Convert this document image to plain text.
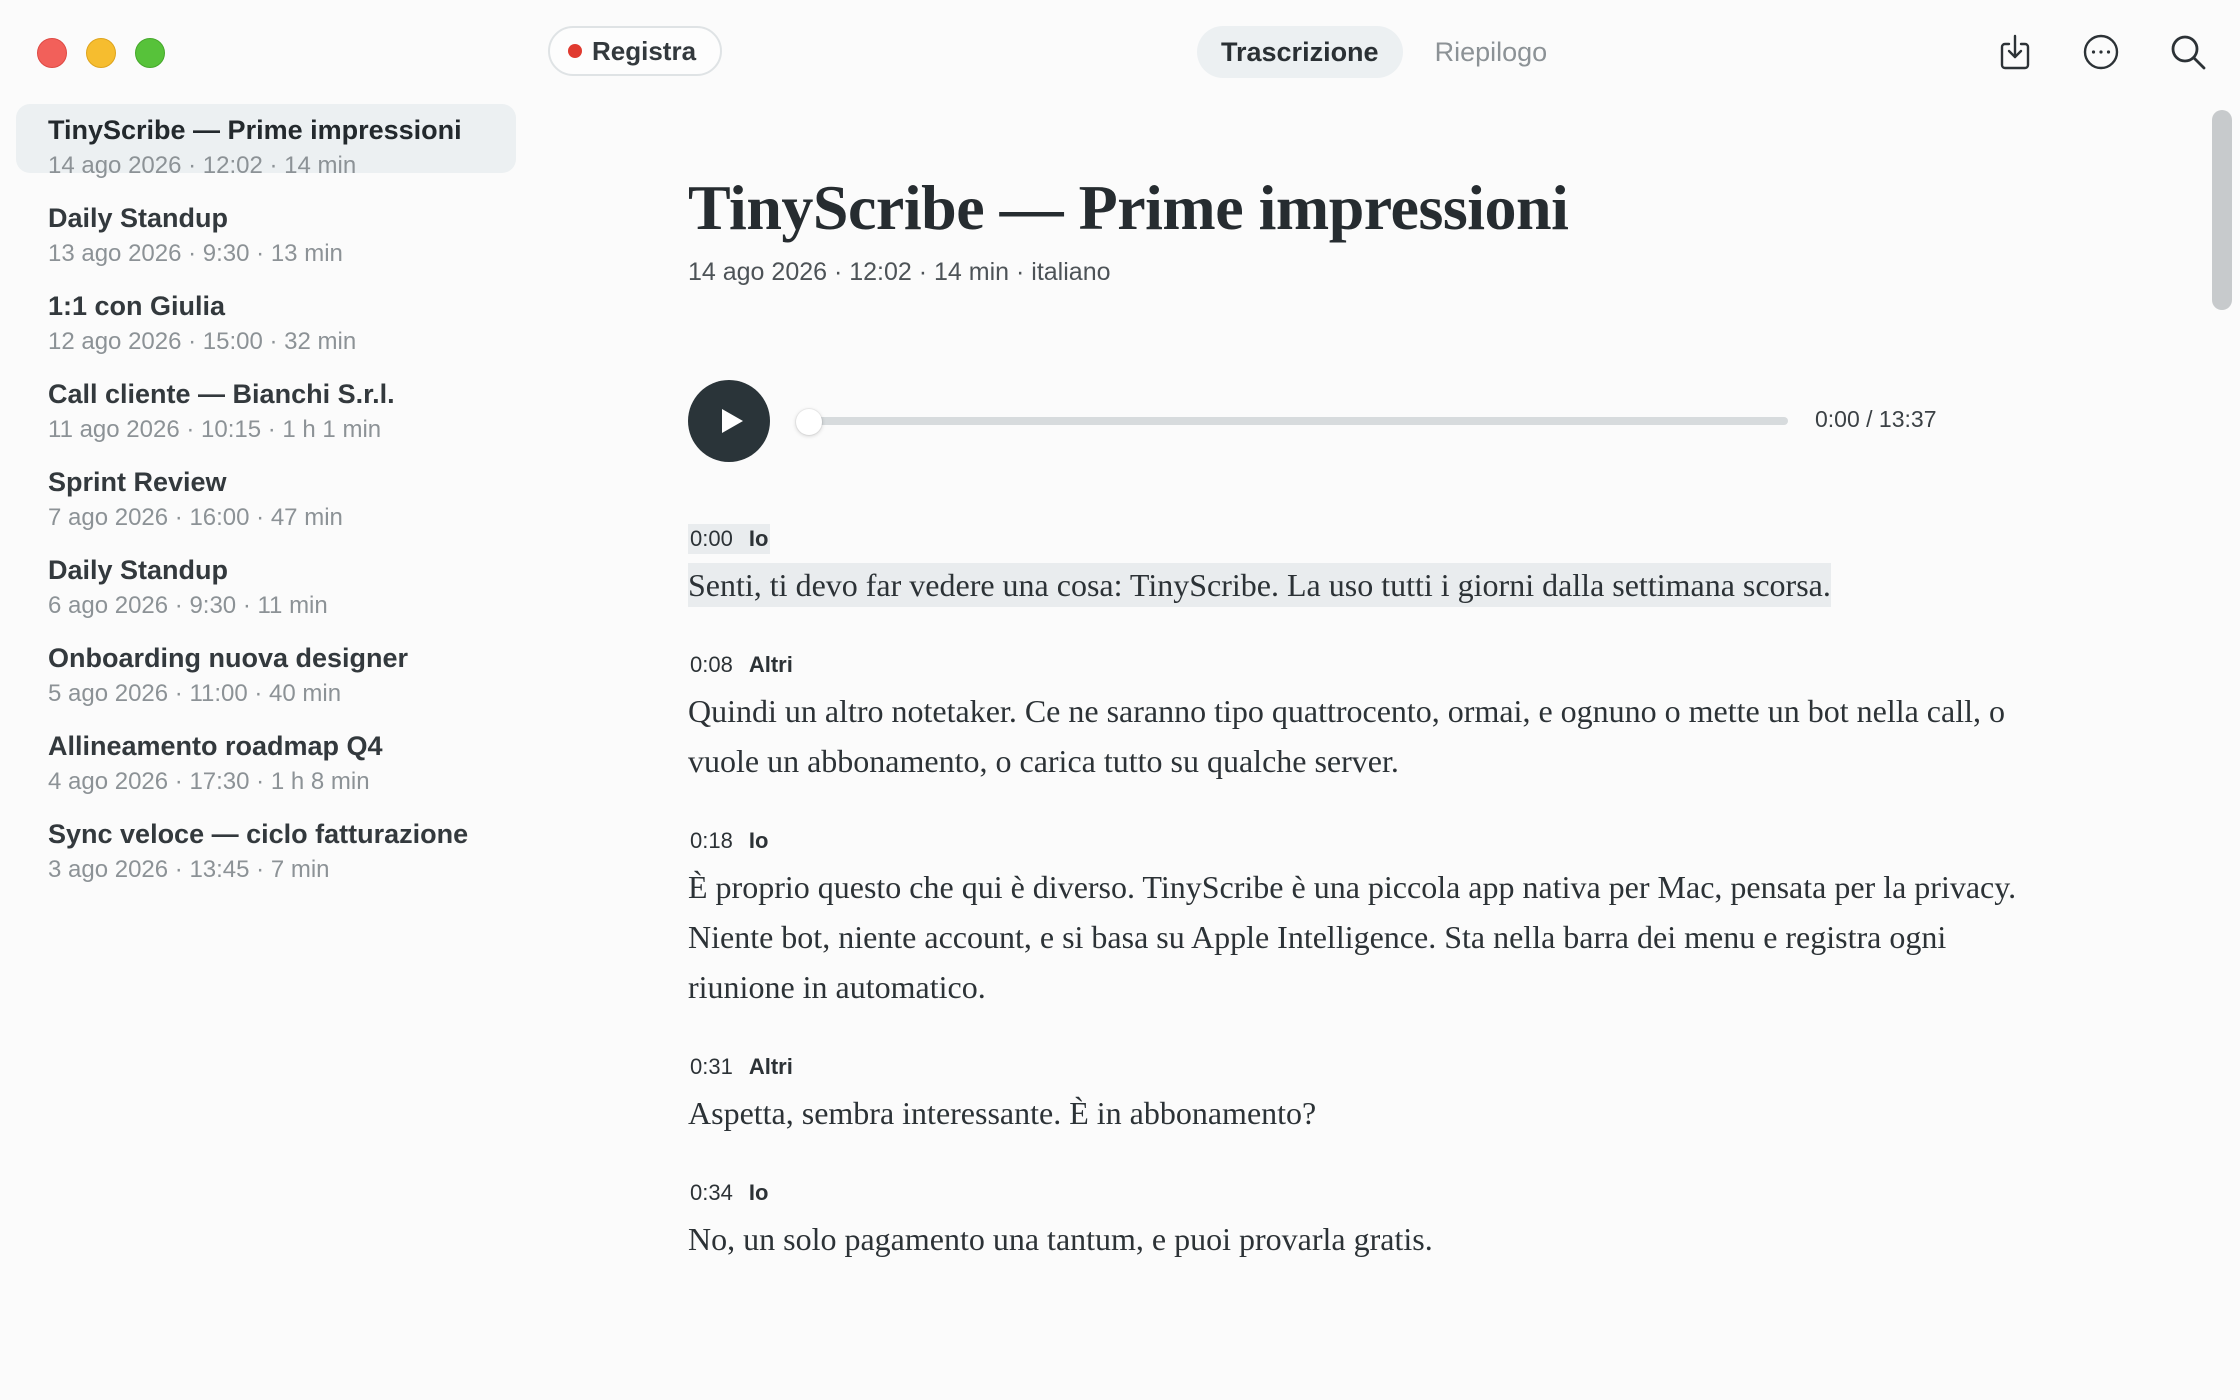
TinyScribe — Prime impressioni
14 ago 2026 · 12:02 · 14 min
Daily Standup
13 ago 2026 · 9:30 · 13 min
1:1 con Giulia
12 ago 2026 · 15:00 · 32 min
Call cliente — Bianchi S.r.l.
11 ago 2026 · 10:15 · 1 h 1 min
Sprint Review
7 ago 2026 · 16:00 · 47 min
Daily Standup
6 ago 2026 · 9:30 · 11 min
Onboarding nuova designer
5 ago 2026 · 11:00 · 40 min
Allineamento roadmap Q4
4 ago 2026 · 17:30 · 1 h 8 min
Sync veloce — ciclo fatturazione
3 ago 2026 · 13:45 · 7 min
Registra	Trascrizione	Riepilogo
TinyScribe — Prime impressioni
14 ago 2026 · 12:02 · 14 min · italiano
0:00 / 13:37
0:00 Io
Senti, ti devo far vedere una cosa: TinyScribe. La uso tutti i giorni dalla settimana scorsa.
0:08 Altri
Quindi un altro notetaker. Ce ne saranno tipo quattrocento, ormai, e ognuno o mette un bot nella call, o vuole un abbonamento, o carica tutto su qualche server.
0:18 Io
È proprio questo che qui è diverso. TinyScribe è una piccola app nativa per Mac, pensata per la privacy. Niente bot, niente account, e si basa su Apple Intelligence. Sta nella barra dei menu e registra ogni riunione in automatico.
0:31 Altri
Aspetta, sembra interessante. È in abbonamento?
0:34 Io
No, un solo pagamento una tantum, e puoi provarla gratis.
